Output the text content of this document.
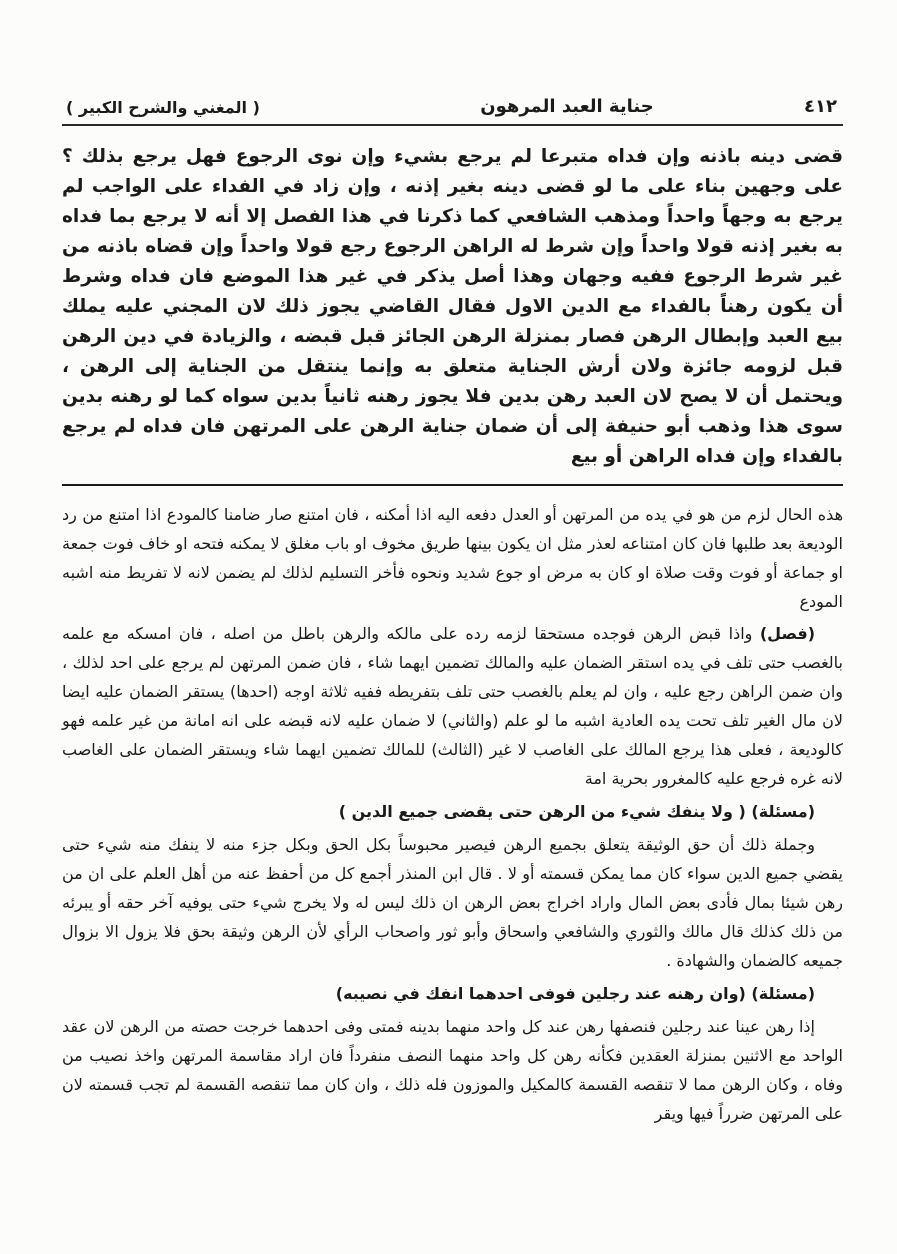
٤١٢
جناية العبد المرهون
( المغني والشرح الكبير )

قضى دينه باذنه وإن فداه متبرعا لم يرجع بشيء وإن نوى الرجوع فهل يرجع بذلك ؟ على وجهين بناء على ما لو قضى دينه بغير إذنه ، وإن زاد في الفداء على الواجب لم يرجع به وجهاً واحداً ومذهب الشافعي كما ذكرنا في هذا الفصل إلا أنه لا يرجع بما فداه به بغير إذنه قولا واحداً وإن شرط له الراهن الرجوع رجع قولا واحداً وإن قضاه باذنه من غير شرط الرجوع ففيه وجهان وهذا أصل يذكر في غير هذا الموضع فان فداه وشرط أن يكون رهناً بالفداء مع الدين الاول فقال القاضي يجوز ذلك لان المجني عليه يملك بيع العبد وإبطال الرهن فصار بمنزلة الرهن الجائز قبل قبضه ، والزيادة في دين الرهن قبل لزومه جائزة ولان أرش الجناية متعلق به وإنما ينتقل من الجناية إلى الرهن ، ويحتمل أن لا يصح لان العبد رهن بدين فلا يجوز رهنه ثانياً بدين سواه كما لو رهنه بدين سوى هذا وذهب أبو حنيفة إلى أن ضمان جناية الرهن على المرتهن فان فداه لم يرجع بالفداء وإن فداه الراهن أو بيع

هذه الحال لزم من هو في يده من المرتهن أو العدل دفعه اليه اذا أمكنه ، فان امتنع صار ضامنا كالمودع اذا امتنع من رد الوديعة بعد طلبها فان كان امتناعه لعذر مثل ان يكون بينها طريق مخوف او باب مغلق لا يمكنه فتحه او خاف فوت جمعة او جماعة أو فوت وقت صلاة او كان به مرض او جوع شديد ونحوه فأخر التسليم لذلك لم يضمن لانه لا تفريط منه اشبه المودع

(فصل) واذا قبض الرهن فوجده مستحقا لزمه رده على مالكه والرهن باطل من اصله ، فان امسكه مع علمه بالغصب حتى تلف في يده استقر الضمان عليه والمالك تضمين ايهما شاء ، فان ضمن المرتهن لم يرجع على احد لذلك ، وان ضمن الراهن رجع عليه ، وان لم يعلم بالغصب حتى تلف بتفريطه ففيه ثلاثة اوجه (احدها) يستقر الضمان عليه ايضا لان مال الغير تلف تحت يده العادية اشبه ما لو علم (والثاني) لا ضمان عليه لانه قبضه على انه امانة من غير علمه فهو كالوديعة ، فعلى هذا يرجع المالك على الغاصب لا غير (الثالث) للمالك تضمين ايهما شاء ويستقر الضمان على الغاصب لانه غره فرجع عليه كالمغرور بحرية امة

(مسئلة) ( ولا ينفك شيء من الرهن حتى يقضى جميع الدين )

وجملة ذلك أن حق الوثيقة يتعلق بجميع الرهن فيصير محبوساً بكل الحق وبكل جزء منه لا ينفك منه شيء حتى يقضي جميع الدين سواء كان مما يمكن قسمته أو لا . قال ابن المنذر أجمع كل من أحفظ عنه من أهل العلم على ان من رهن شيئا بمال فأدى بعض المال واراد اخراج بعض الرهن ان ذلك ليس له ولا يخرج شيء حتى يوفيه آخر حقه أو يبرئه من ذلك كذلك قال مالك والثوري والشافعي واسحاق وأبو ثور واصحاب الرأي لأن الرهن وثيقة بحق فلا يزول الا بزوال جميعه كالضمان والشهادة .

(مسئلة) (وان رهنه عند رجلين فوفى احدهما انفك في نصيبه)

إذا رهن عينا عند رجلين فنصفها رهن عند كل واحد منهما بدينه فمتى وفى احدهما خرجت حصته من الرهن لان عقد الواحد مع الاثنين بمنزلة العقدين فكأنه رهن كل واحد منهما النصف منفرداً فان اراد مقاسمة المرتهن واخذ نصيب من وفاه ، وكان الرهن مما لا تنقصه القسمة كالمكيل والموزون فله ذلك ، وان كان مما تنقصه القسمة لم تجب قسمته لان على المرتهن ضرراً فيها ويقر
